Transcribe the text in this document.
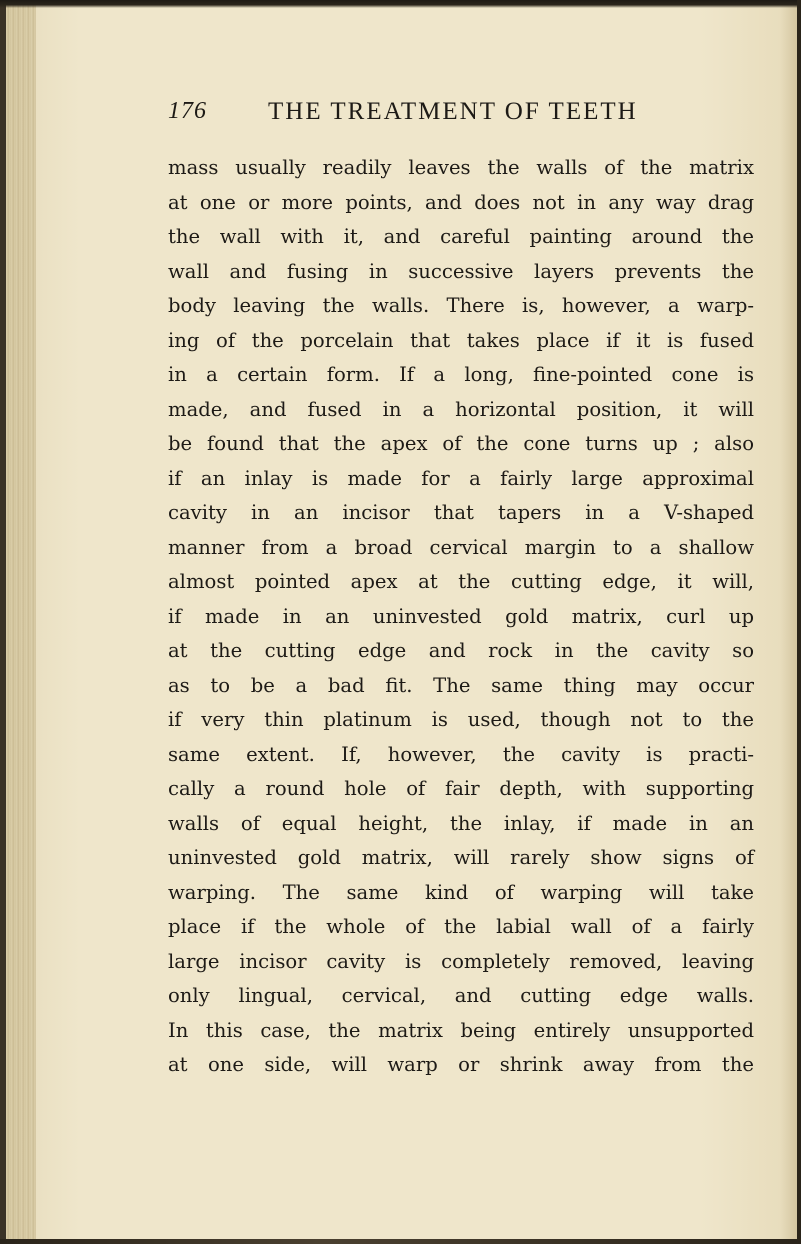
176 THE TREATMENT OF TEETH
mass usually readily leaves the walls of the matrix
at one or more points, and does not in any way drag
the wall with it, and careful painting around the
wall and fusing in successive layers prevents the
body leaving the walls. There is, however, a warp-
ing of the porcelain that takes place if it is fused
in a certain form. If a long, fine-pointed cone is
made, and fused in a horizontal position, it will
be found that the apex of the cone turns up ; also
if an inlay is made for a fairly large approximal
cavity in an incisor that tapers in a V-shaped
manner from a broad cervical margin to a shallow
almost pointed apex at the cutting edge, it will,
if made in an uninvested gold matrix, curl up
at the cutting edge and rock in the cavity so
as to be a bad fit. The same thing may occur
if very thin platinum is used, though not to the
same extent. If, however, the cavity is practi-
cally a round hole of fair depth, with supporting
walls of equal height, the inlay, if made in an
uninvested gold matrix, will rarely show signs of
warping. The same kind of warping will take
place if the whole of the labial wall of a fairly
large incisor cavity is completely removed, leaving
only lingual, cervical, and cutting edge walls.
In this case, the matrix being entirely unsupported
at one side, will warp or shrink away from the
